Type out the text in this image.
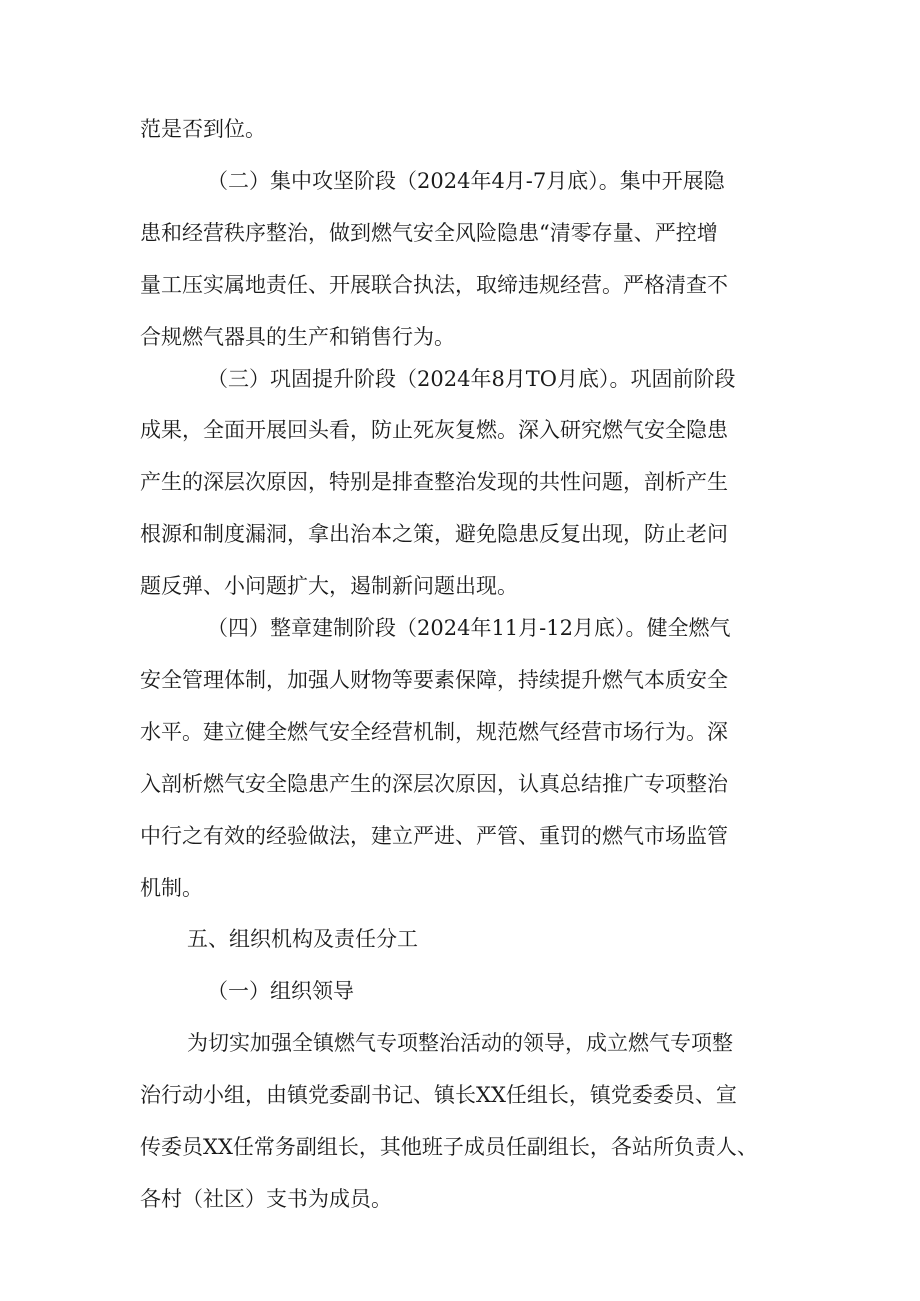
范是否到位。
（二）集中攻坚阶段（2024年4月-7月底）。集中开展隐
患和经营秩序整治，做到燃气安全风险隐患“清零存量、严控增
量工压实属地责任、开展联合执法，取缔违规经营。严格清查不
合规燃气器具的生产和销售行为。
（三）巩固提升阶段（2024年8月TO月底）。巩固前阶段
成果，全面开展回头看，防止死灰复燃。深入研究燃气安全隐患
产生的深层次原因，特别是排查整治发现的共性问题，剖析产生
根源和制度漏洞，拿出治本之策，避免隐患反复出现，防止老问
题反弹、小问题扩大，遏制新问题出现。
（四）整章建制阶段（2024年11月-12月底）。健全燃气
安全管理体制，加强人财物等要素保障，持续提升燃气本质安全
水平。建立健全燃气安全经营机制，规范燃气经营市场行为。深
入剖析燃气安全隐患产生的深层次原因，认真总结推广专项整治
中行之有效的经验做法，建立严进、严管、重罚的燃气市场监管
机制。
五、组织机构及责任分工
（一）组织领导
为切实加强全镇燃气专项整治活动的领导，成立燃气专项整
治行动小组，由镇党委副书记、镇长XX任组长，镇党委委员、宣
传委员XX任常务副组长，其他班子成员任副组长，各站所负责人、
各村（社区）支书为成员。
